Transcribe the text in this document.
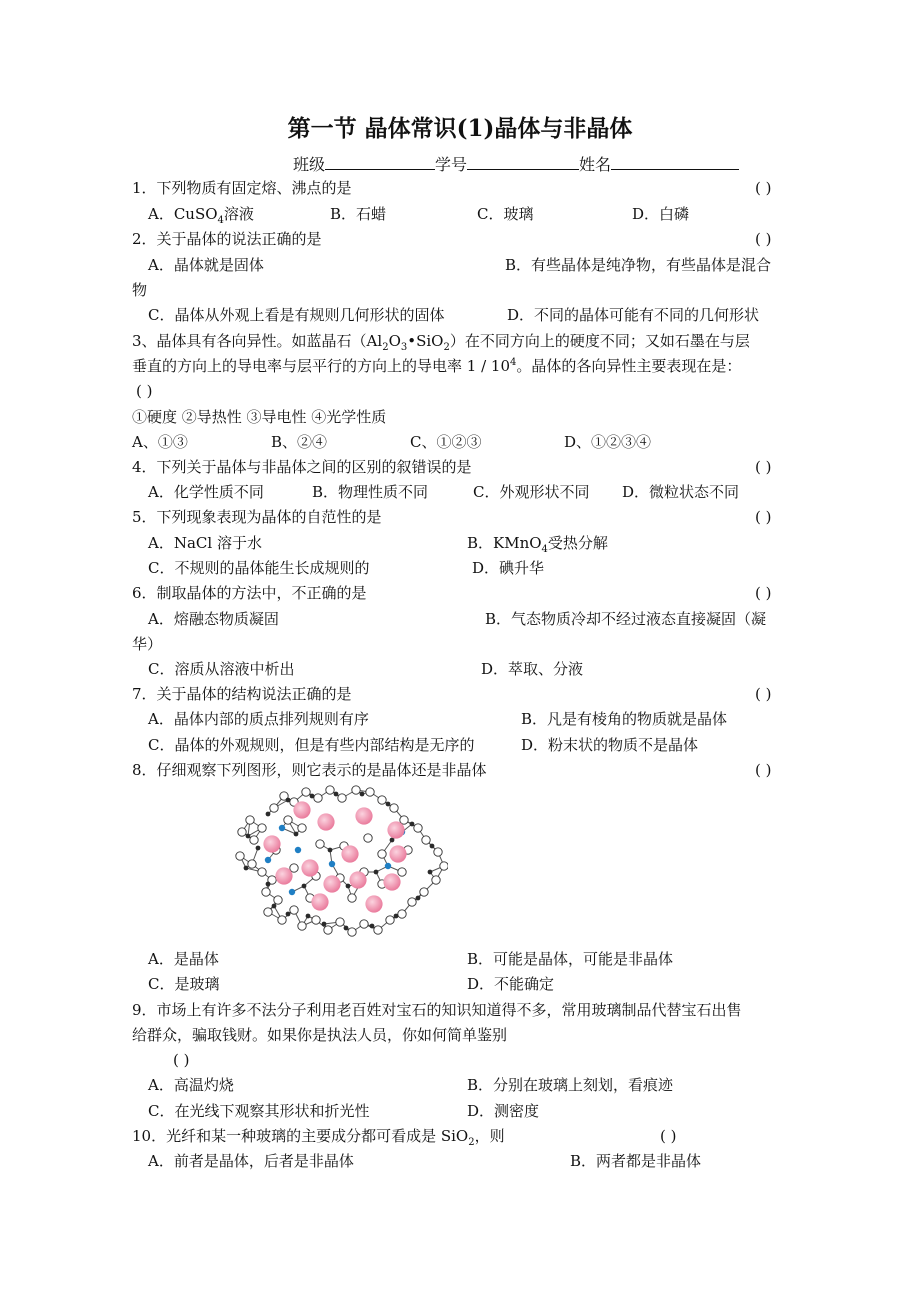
第一节 晶体常识(1)晶体与非晶体
班级	学号	姓名
1．下列物质有固定熔、沸点的是	( )
A．CuSO$_4$溶液	B．石蜡	C．玻璃	D．白磷
2．关于晶体的说法正确的是	( )
A．晶体就是固体	B．有些晶体是纯净物，有些晶体是混合
物
C．晶体从外观上看是有规则几何形状的固体	D．不同的晶体可能有不同的几何形状
3、晶体具有各向异性。如蓝晶石$(Al_2O_3•SiO_2)$在不同方向上的硬度不同；又如石墨在与层
垂直的方向上的导电率与层平行的方向上的导电率 $1 / 10^4$。晶体的各向异性主要表现在是：
( )
①硬度 ②导热性 ③导电性 ④光学性质
A、①③	B、②④	C、①②③	D、①②③④
4．下列关于晶体与非晶体之间的区别的叙错误的是	( )
A．化学性质不同	B．物理性质不同	C．外观形状不同 D．微粒状态不同
5．下列现象表现为晶体的自范性的是	( )
A．NaCl 溶于水	B．KMnO$_4$受热分解
C．不规则的晶体能生长成规则的	D．碘升华
6．制取晶体的方法中，不正确的是	( )
A．熔融态物质凝固	B．气态物质冷却不经过液态直接凝固（凝
华）
C．溶质从溶液中析出	D．萃取、分液
7．关于晶体的结构说法正确的是	( )
A．晶体内部的质点排列规则有序	B．凡是有棱角的物质就是晶体
C．晶体的外观规则，但是有些内部结构是无序的	D．粉末状的物质不是晶体
8．仔细观察下列图形，则它表示的是晶体还是非晶体	( )
A．是晶体	B．可能是晶体，可能是非晶体
C．是玻璃	D．不能确定
9．市场上有许多不法分子利用老百姓对宝石的知识知道得不多，常用玻璃制品代替宝石出售
给群众，骗取钱财。如果你是执法人员，你如何简单鉴别
( )
A．高温灼烧	B．分别在玻璃上刻划，看痕迹
C．在光线下观察其形状和折光性	D．测密度
10．光纤和某一种玻璃的主要成分都可看成是 SiO$_2$，则	( )
A．前者是晶体，后者是非晶体	B．两者都是非晶体
